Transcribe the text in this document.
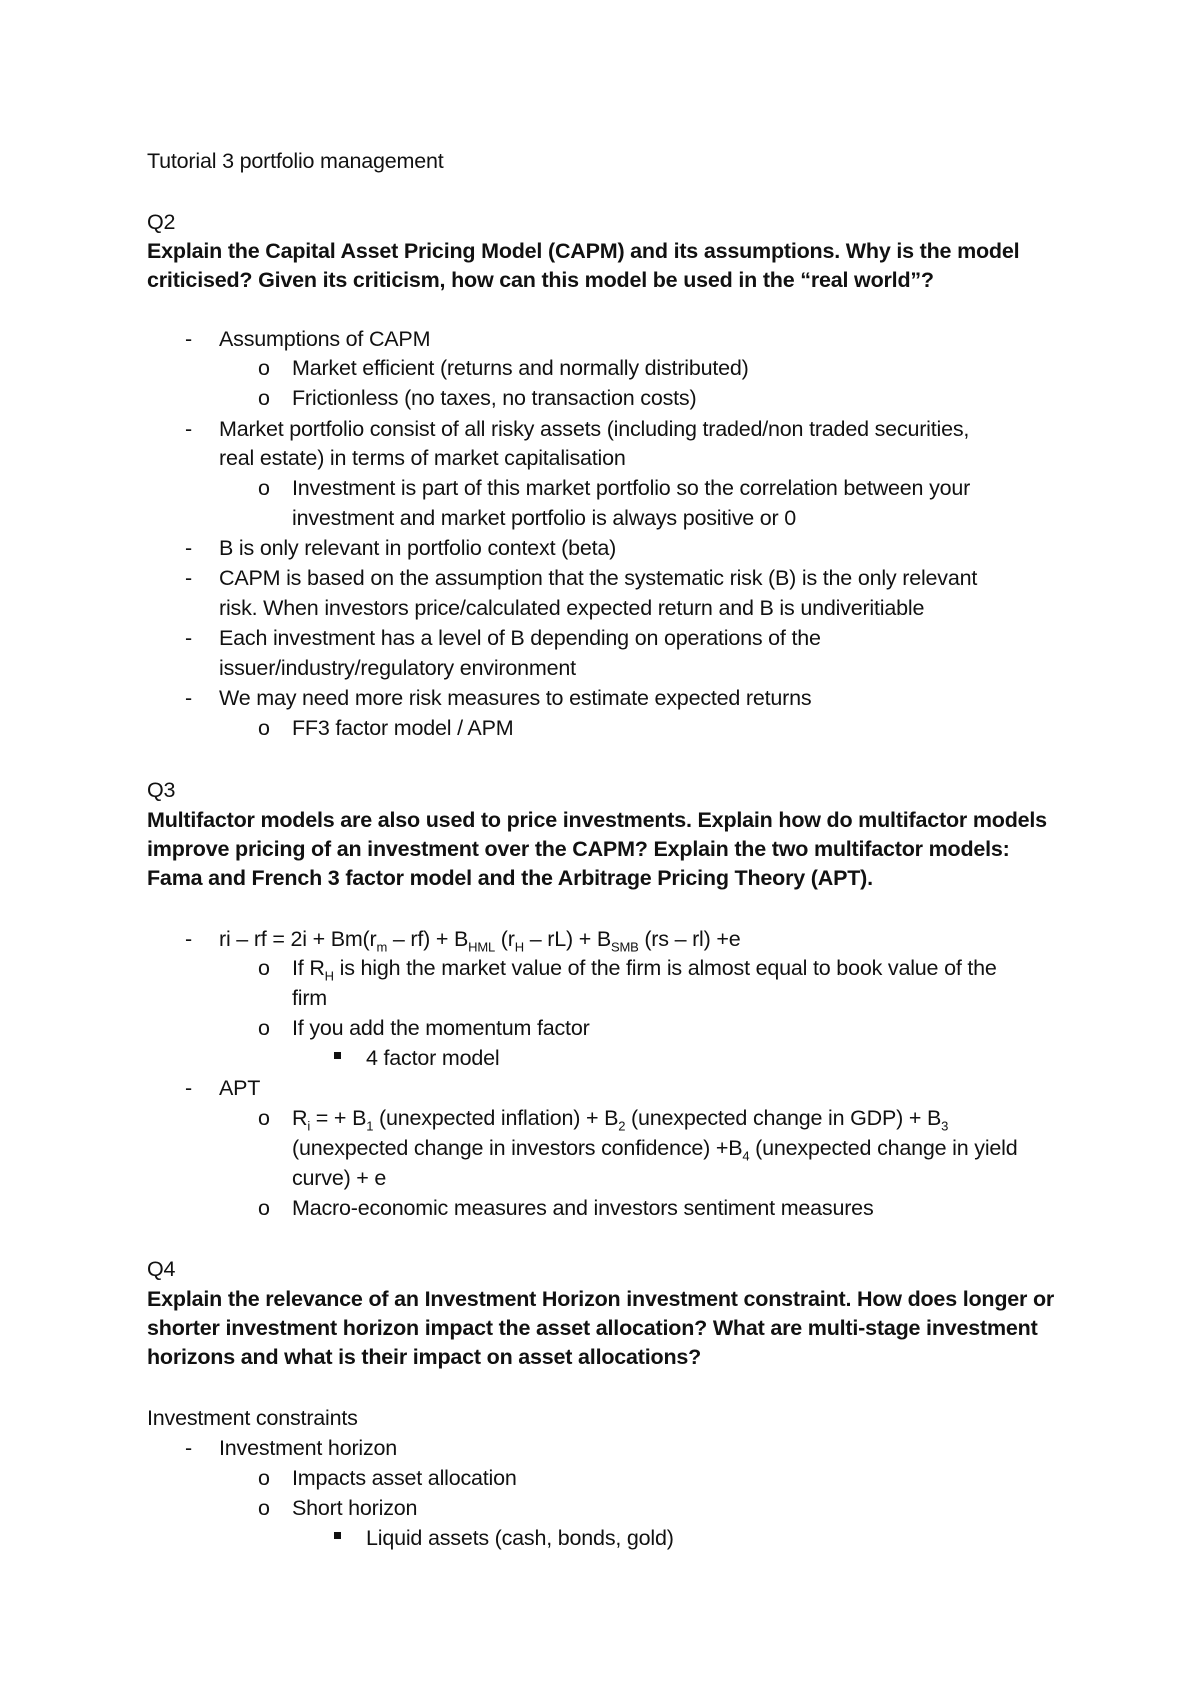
Tutorial 3 portfolio management
Q2
Explain the Capital Asset Pricing Model (CAPM) and its assumptions. Why is the model
criticised? Given its criticism, how can this model be used in the “real world”?
- Assumptions of CAPM
o Market efficient (returns and normally distributed)
o Frictionless (no taxes, no transaction costs)
- Market portfolio consist of all risky assets (including traded/non traded securities,
real estate) in terms of market capitalisation
o Investment is part of this market portfolio so the correlation between your
investment and market portfolio is always positive or 0
- B is only relevant in portfolio context (beta)
- CAPM is based on the assumption that the systematic risk (B) is the only relevant
risk. When investors price/calculated expected return and B is undiveritiable
- Each investment has a level of B depending on operations of the
issuer/industry/regulatory environment
- We may need more risk measures to estimate expected returns
o FF3 factor model / APM
Q3
Multifactor models are also used to price investments. Explain how do multifactor models
improve pricing of an investment over the CAPM? Explain the two multifactor models:
Fama and French 3 factor model and the Arbitrage Pricing Theory (APT).
- ri – rf = $2i + Bm(r_m - rf) + B_{HML}$ $(r_H - rL) + B_{SMB}$ (rs – rl) +e
o If $R_H$ is high the market value of the firm is almost equal to book value of the
firm
o If you add the momentum factor
4 factor model
- APT
o $R_i$ = + $B_1$ (unexpected inflation) + $B_2$ (unexpected change in $GDP) + B_3$
(unexpected change in investors confidence) $+B_4$ (unexpected change in yield
curve) + e
o Macro-economic measures and investors sentiment measures
Q4
Explain the relevance of an Investment Horizon investment constraint. How does longer or
shorter investment horizon impact the asset allocation? What are multi-stage investment
horizons and what is their impact on asset allocations?
Investment constraints
- Investment horizon
o Impacts asset allocation
o Short horizon
Liquid assets (cash, bonds, gold)
